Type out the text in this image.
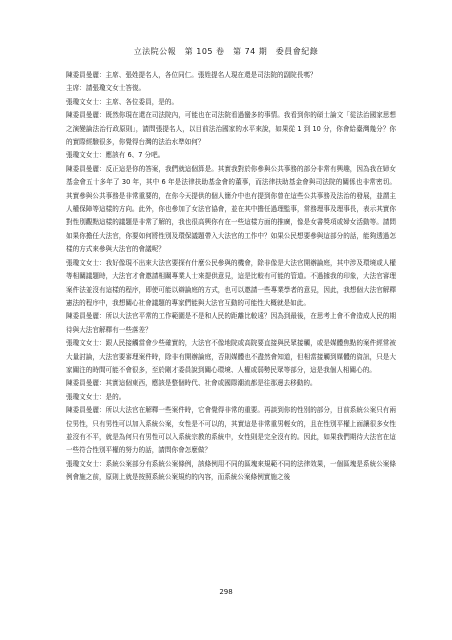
立法院公報　第 105 卷　第 74 期　委員會紀錄

陳委員曼麗：主席、張姓提名人，各位同仁。張姓提名人現在還是司法院的副院長嗎？

主席：請張瓊文女士答復。

張瓊文女士：主席、各位委員，是的。

陳委員曼麗：既然你現在還在司法院內，可能也在司法院看過蠻多的事情。我看到你的碩士論文「從法治國家思想之演變論法治行政原則」，請問張提名人，以目前法治國家的水平來說，如果從 1 到 10 分，你會給臺灣幾分？你的實際經驗很多，你覺得台灣的法治水準如何？

張瓊文女士：應該有 6、7 分吧。

陳委員曼麗：反正這是你的答案，我們就這個算是。其實我對於你參與公共事務的部分非常有興趣，因為我在婦女基金會五十多年了 30 年，其中 6 年是法律扶助基金會的董事，而法律扶助基金會與司法院的關係也非常密切。其實參與公共事務是非常重要的，在你今天提供的個人簡介中也有提到你曾在這些公共事務及法治的發展，並謂主人權保障等這樣的方向。此外，你也參加了女法官協會，並在其中擔任過理監事，常務理事及理事長，表示其實你對性別觀點這樣的議題是非常了解的，我也很高興你有在一些這樣方面的推廣，像是女書獎項或婦女活動等。請問如果你擔任大法官，你要如何將性別及環保議題帶入大法官的工作中？如果公民想要參與這部分的話，能夠透過怎樣的方式來參與大法官的會議呢？

張瓊文女士：我好像現不出來大法官要探有什麼公民參與的機會，除非像是大法官開辦論庭，其中涉及環境或人權等相關議題時，大法官才會邀請相關專業人士來提供意見，這是比較有可能的管道。不過據我的印象，大法官審理案件法並沒有這樣的程序，即使可能以辯論庭的方式，也可以邀請一些專業學者的意見，因此，我想個大法官解釋憲法的程序中，我想關心社會議題的專家們能與大法官互動的可能性大概就是如此。

陳委員曼麗：所以大法官平常的工作範圍是不是和人民的距離比較遠？因為到最後，在思考上會不會造成人民的期待與大法官解釋有一些落差？

張瓊文女士：跟人民接觸當會少些確實的，大法官不像地院或高院要直接與民眾接觸，或是媒體焦點的案件經常被大量討論，大法官要審理案件時，除非有開辦論庭，否則媒體也不盡然會知道，但相當接觸到媒體的資訊，只是大家關注的時間可能不會很多，至於剛才委員說到關心環境、人權或弱勢民眾等部分，這是我個人相關心的。

陳委員曼麗：其實這個東西，應該是整個時代、社會或國際潮流都是往那邊去移動的。

張瓊文女士：是的。

陳委員曼麗：所以大法官在解釋一些案件時，它會覺得非常的重要。再談到你的性別的部分，目前系統公案只有兩位男性，只有男性可以加入系統公案，女性是不可以的，其實這是非常重男輕女的，且在性別平權上面讓很多女性並沒有不平，就是為何只有男性可以入系統宗教的系統中，女性則是完全沒有的。因此，如果我們期待大法官在這一些符合性別平權的努力的話，請問你會怎麼做？

張瓊文女士：系統公案部分有系統公案條例，該條例用不同的區塊來規範不同的法律效果，一個區塊是系統公案條例會施之前，原則上就是按照系統公案規約的內容，而系統公案條例實施之後

298
